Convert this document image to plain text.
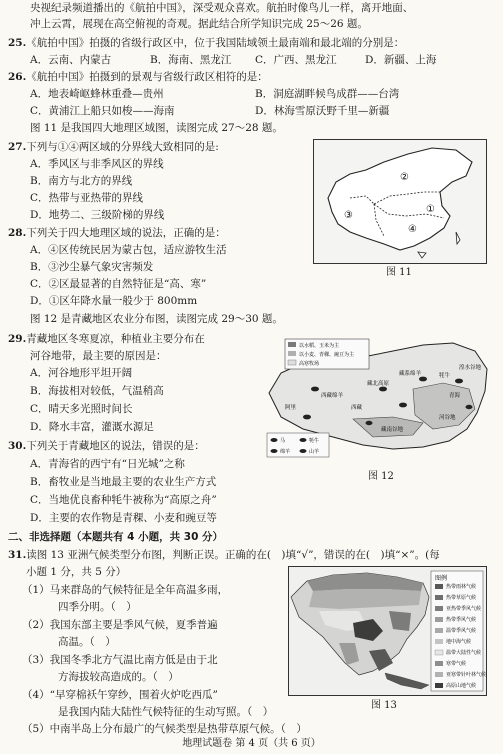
央视纪录频道播出的《航拍中国》，深受观众喜欢。航拍时像鸟儿一样，离开地面、
冲上云霄，展现在高空俯视的奇观。据此结合所学知识完成 25～26 题。
25.《航拍中国》拍摄的省级行政区中，位于我国陆域领土最南端和最北端的分别是：
A．云南、内蒙古	B．海南、黑龙江 C．广西、黑龙江	D．新疆、上海
26.《航拍中国》拍摄到的景观与省级行政区相符的是：
A．地表崎岖蜂林重叠—贵州	B．洞庭湖畔候鸟成群——台湾
C．黄浦江上船只如梭——海南	D．林海雪原沃野千里—新疆
图 11 是我国四大地理区域图，读图完成 27～28 题。
27.下列与①④两区域的分界线大致相同的是:
A．季风区与非季风区的界线
B．南方与北方的界线
C．热带与亚热带的界线
D．地势二、三级阶梯的界线
28.下列关于四大地理区域的说法，正确的是：
A．④区传统民居为蒙古包，适应游牧生活
B．③沙尘暴气象灾害频发
C．②区最显著的自然特征是“高、寒”
D．①区年降水量一般少于 800mm
②
①
③
④
图 11
图 12 是青藏地区农业分布图，读图完成 29～30 题。
29.青藏地区冬寒夏凉，种植业主要分布在
河谷地带，最主要的原因是：
A．河谷地形平坦开阔
B．海拔相对较低，气温稍高
C．晴天多光照时间长
D．降水丰富，灌溉水源足
30.下列关于青藏地区的说法，错误的是：
A．青海省的西宁有“日光城”之称
B．畜牧业是当地最主要的农业生产方式
C．当地优良畜种牦牛被称为“高原之舟”
D．主要的农作物是青稞、小麦和豌豆等
以水稻、玉米为主
以小麦、青稞、豌豆为主
高寒牧场
藏北高原
西藏绵羊
藏系绵羊	牦牛
青海
阿里	西藏
藏南谷地
湟水谷地
河谷地
马	牦牛
绵羊	山羊
图 12
二、非选择题（本题共有 4 小题，共 30 分）
31.读图 13 亚洲气候类型分布图，判断正误。正确的在(　)填“√”，错误的在(　)填“×”。(每
小题 1 分，共 5 分）
（1）马来群岛的气候特征是全年高温多雨，
四季分明。（　）
（2）我国东部主要是季风气候，夏季普遍
高温。（　）
（3）我国冬季北方气温比南方低是由于北
方海拔较高造成的。（　）
（4）“早穿棉袄午穿纱，围着火炉吃西瓜”
是我国内陆大陆性气候特征的生动写照。（　）
（5）中南半岛上分布最广的气候类型是热带草原气候。（　）
图例
热带雨林气候
热带草原气候
亚热带季风气候
热带季风气候
温带季风气候
地中海气候
温带大陆性气候
寒带气候
亚寒带针叶林气候
高原山地气候
图 13
地理试题卷 第 4 页（共 6 页）
